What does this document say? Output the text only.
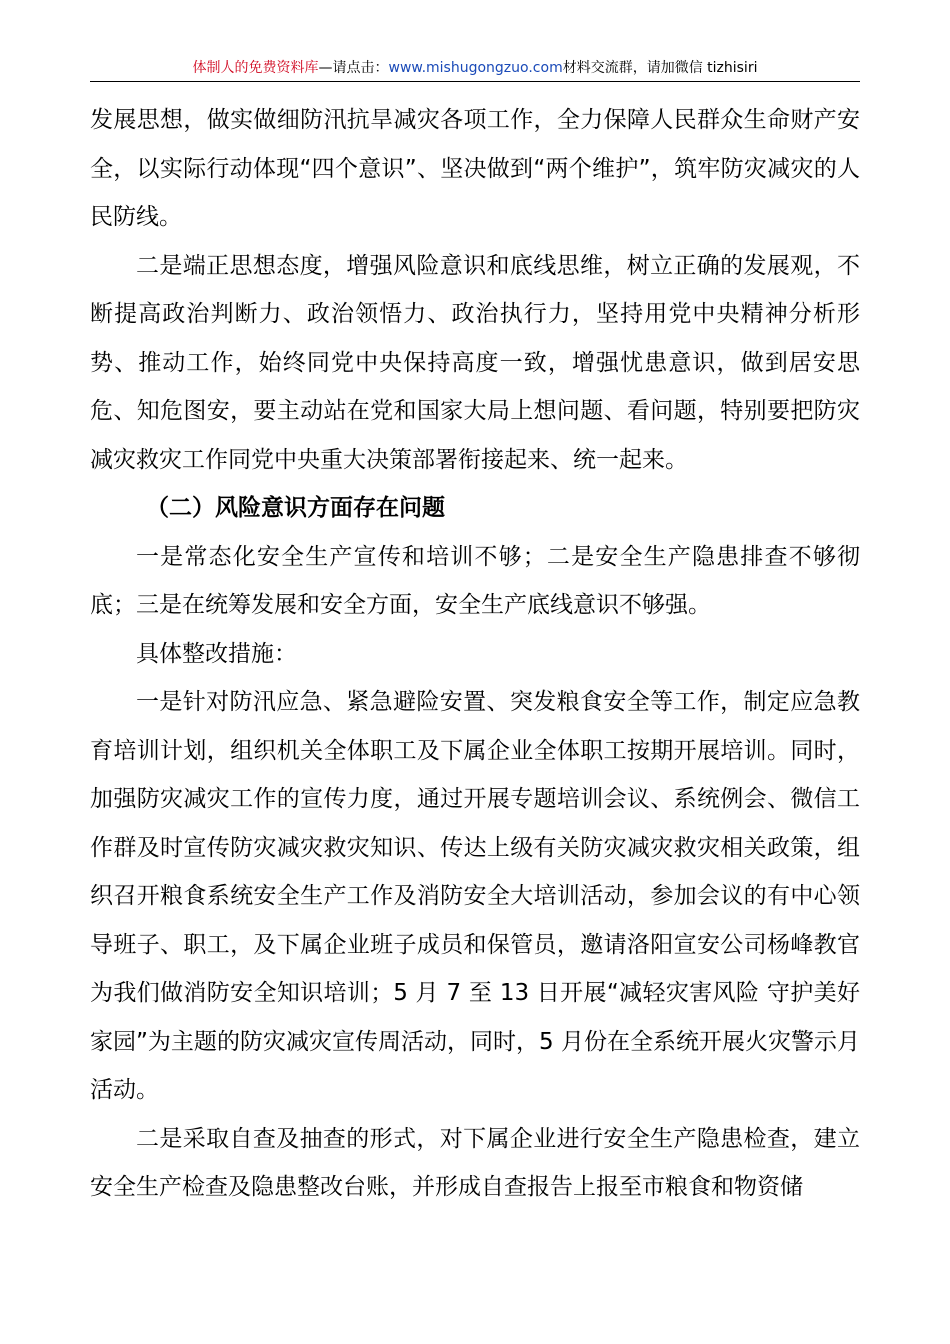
体制人的免费资料库—请点击：www.mishugongzuo.com材料交流群，请加微信 tizhisiri

发展思想，做实做细防汛抗旱减灾各项工作，全力保障人民群众生命财产安全，以实际行动体现“四个意识”、坚决做到“两个维护”，筑牢防灾减灾的人民防线。

二是端正思想态度，增强风险意识和底线思维，树立正确的发展观，不断提高政治判断力、政治领悟力、政治执行力，坚持用党中央精神分析形势、推动工作，始终同党中央保持高度一致，增强忧患意识，做到居安思危、知危图安，要主动站在党和国家大局上想问题、看问题，特别要把防灾减灾救灾工作同党中央重大决策部署衔接起来、统一起来。

（二）风险意识方面存在问题

一是常态化安全生产宣传和培训不够；二是安全生产隐患排查不够彻底；三是在统筹发展和安全方面，安全生产底线意识不够强。

具体整改措施：

一是针对防汛应急、紧急避险安置、突发粮食安全等工作，制定应急教育培训计划，组织机关全体职工及下属企业全体职工按期开展培训。同时，加强防灾减灾工作的宣传力度，通过开展专题培训会议、系统例会、微信工作群及时宣传防灾减灾救灾知识、传达上级有关防灾减灾救灾相关政策，组织召开粮食系统安全生产工作及消防安全大培训活动，参加会议的有中心领导班子、职工，及下属企业班子成员和保管员，邀请洛阳宣安公司杨峰教官为我们做消防安全知识培训；5 月 7 至 13 日开展“减轻灾害风险 守护美好家园”为主题的防灾减灾宣传周活动，同时，5 月份在全系统开展火灾警示月活动。

二是采取自查及抽查的形式，对下属企业进行安全生产隐患检查，建立安全生产检查及隐患整改台账，并形成自查报告上报至市粮食和物资储
